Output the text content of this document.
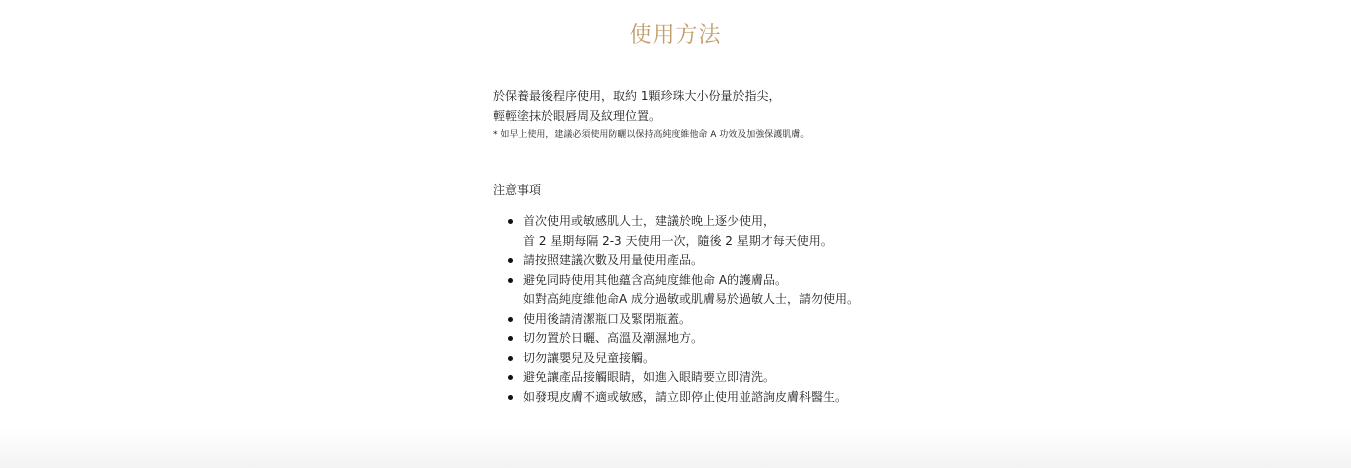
使用方法

於保養最後程序使用，取約 1顆珍珠大小份量於指尖，

輕輕塗抹於眼唇周及紋理位置。

* 如早上使用，建議必須使用防曬以保持高純度維他命 A 功效及加強保護肌膚。

注意事項

首次使用或敏感肌人士，建議於晚上逐少使用，
首 2 星期每隔 2-3 天使用一次，隨後 2 星期才每天使用。
請按照建議次數及用量使用產品。
避免同時使用其他蘊含高純度維他命 A的護膚品。
如對高純度維他命A 成分過敏或肌膚易於過敏人士，請勿使用。
使用後請清潔瓶口及緊閉瓶蓋。
切勿置於日曬、高溫及潮濕地方。
切勿讓嬰兒及兒童接觸。
避免讓產品接觸眼睛，如進入眼睛要立即清洗。
如發現皮膚不適或敏感，請立即停止使用並諮詢皮膚科醫生。
